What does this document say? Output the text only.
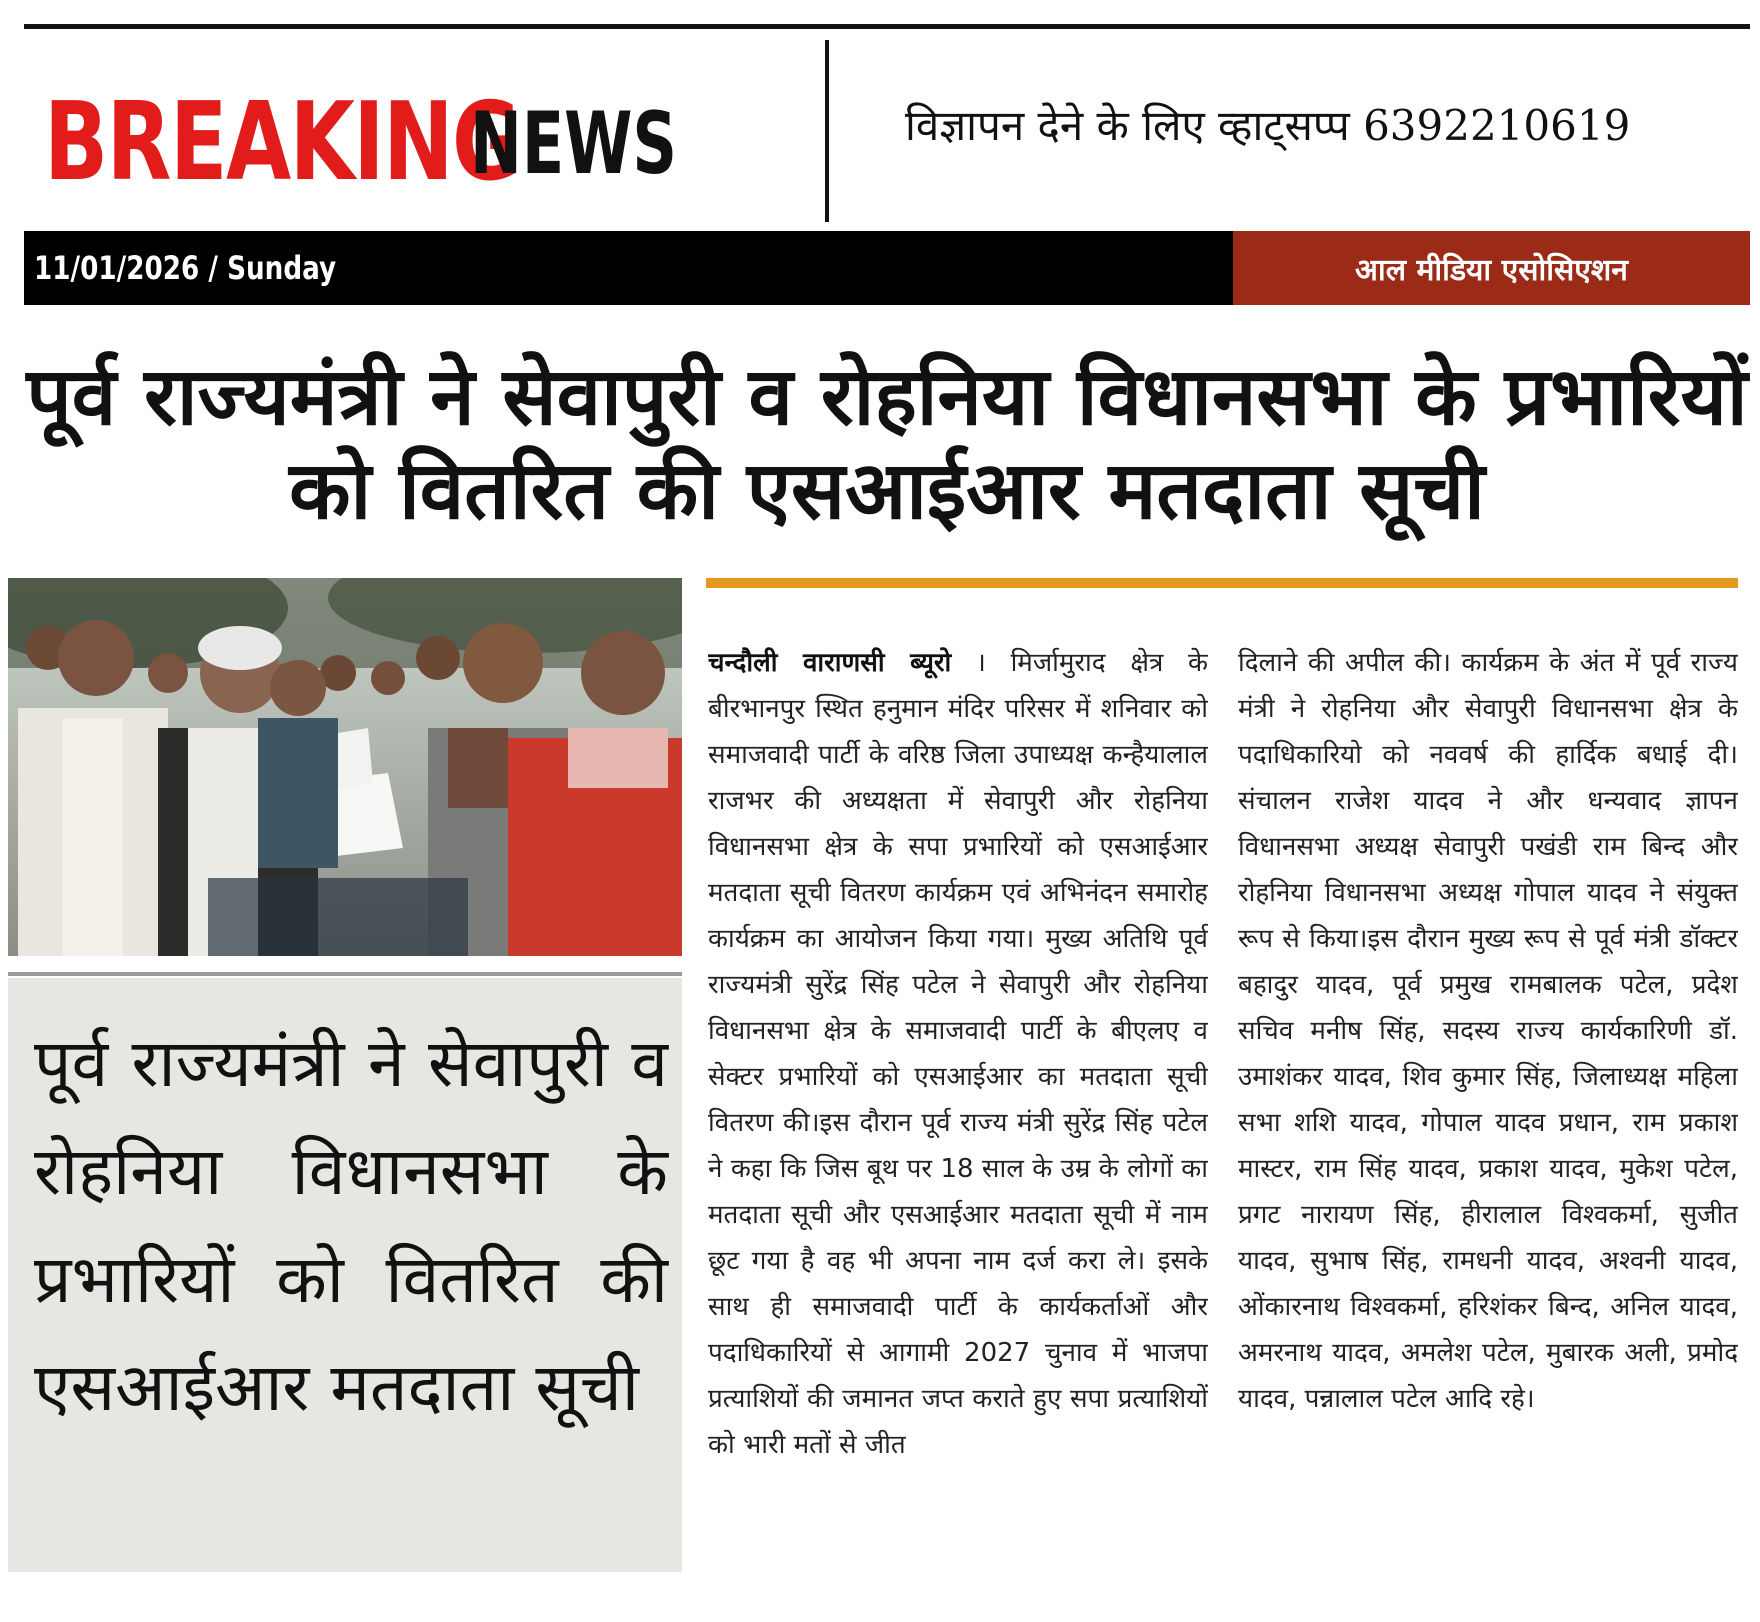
BREAKING
NEWS	विज्ञापन देने के लिए व्हाट्सप्प 6392210619
11/01/2026 / Sunday	आल मीडिया एसोसिएशन
पूर्व राज्यमंत्री ने सेवापुरी व रोहनिया विधानसभा के प्रभारियों को वितरित की एसआईआर मतदाता सूची
पूर्व राज्यमंत्री ने सेवापुरी व रोहनिया विधानसभा के प्रभारियों को वितरित की एसआईआर मतदाता सूची
चन्दौली वाराणसी ब्यूरो । मिर्जामुराद क्षेत्र के बीरभानपुर स्थित हनुमान मंदिर परिसर में शनिवार को समाजवादी पार्टी के वरिष्ठ जिला उपाध्यक्ष कन्हैयालाल राजभर की अध्यक्षता में सेवापुरी और रोहनिया विधानसभा क्षेत्र के सपा प्रभारियों को एसआईआर मतदाता सूची वितरण कार्यक्रम एवं अभिनंदन समारोह कार्यक्रम का आयोजन किया गया। मुख्य अतिथि पूर्व राज्यमंत्री सुरेंद्र सिंह पटेल ने सेवापुरी और रोहनिया विधानसभा क्षेत्र के समाजवादी पार्टी के बीएलए व सेक्टर प्रभारियों को एसआईआर का मतदाता सूची वितरण की।इस दौरान पूर्व राज्य मंत्री सुरेंद्र सिंह पटेल ने कहा कि जिस बूथ पर 18 साल के उम्र के लोगों का मतदाता सूची और एसआईआर मतदाता सूची में नाम छूट गया है वह भी अपना नाम दर्ज करा ले। इसके साथ ही समाजवादी पार्टी के कार्यकर्ताओं और पदाधिकारियों से आगामी 2027 चुनाव में भाजपा प्रत्याशियों की जमानत जप्त कराते हुए सपा प्रत्याशियों को भारी मतों से जीत
दिलाने की अपील की। कार्यक्रम के अंत में पूर्व राज्य मंत्री ने रोहनिया और सेवापुरी विधानसभा क्षेत्र के पदाधिकारियो को नववर्ष की हार्दिक बधाई दी। संचालन राजेश यादव ने और धन्यवाद ज्ञापन विधानसभा अध्यक्ष सेवापुरी पखंडी राम बिन्द और रोहनिया विधानसभा अध्यक्ष गोपाल यादव ने संयुक्त रूप से किया।इस दौरान मुख्य रूप से पूर्व मंत्री डॉक्टर बहादुर यादव, पूर्व प्रमुख रामबालक पटेल, प्रदेश सचिव मनीष सिंह, सदस्य राज्य कार्यकारिणी डॉ. उमाशंकर यादव, शिव कुमार सिंह, जिलाध्यक्ष महिला सभा शशि यादव, गोपाल यादव प्रधान, राम प्रकाश मास्टर, राम सिंह यादव, प्रकाश यादव, मुकेश पटेल, प्रगट नारायण सिंह, हीरालाल विश्वकर्मा, सुजीत यादव, सुभाष सिंह, रामधनी यादव, अश्वनी यादव, ओंकारनाथ विश्वकर्मा, हरिशंकर बिन्द, अनिल यादव, अमरनाथ यादव, अमलेश पटेल, मुबारक अली, प्रमोद यादव, पन्नालाल पटेल आदि रहे।
